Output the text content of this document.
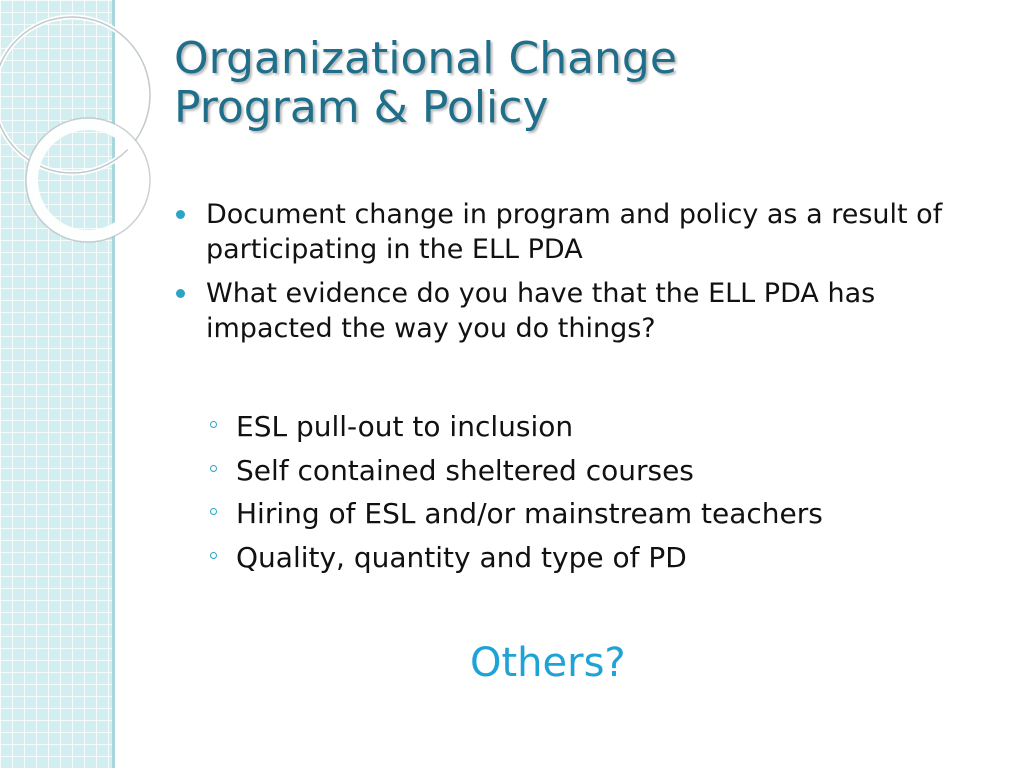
Organizational Change
Program & Policy
Document change in program and policy as a result of participating in the ELL PDA
What evidence do you have that the ELL PDA has impacted the way you do things?
ESL pull-out to inclusion
Self contained sheltered courses
Hiring of ESL and/or mainstream teachers
Quality, quantity and type of PD

Others?
